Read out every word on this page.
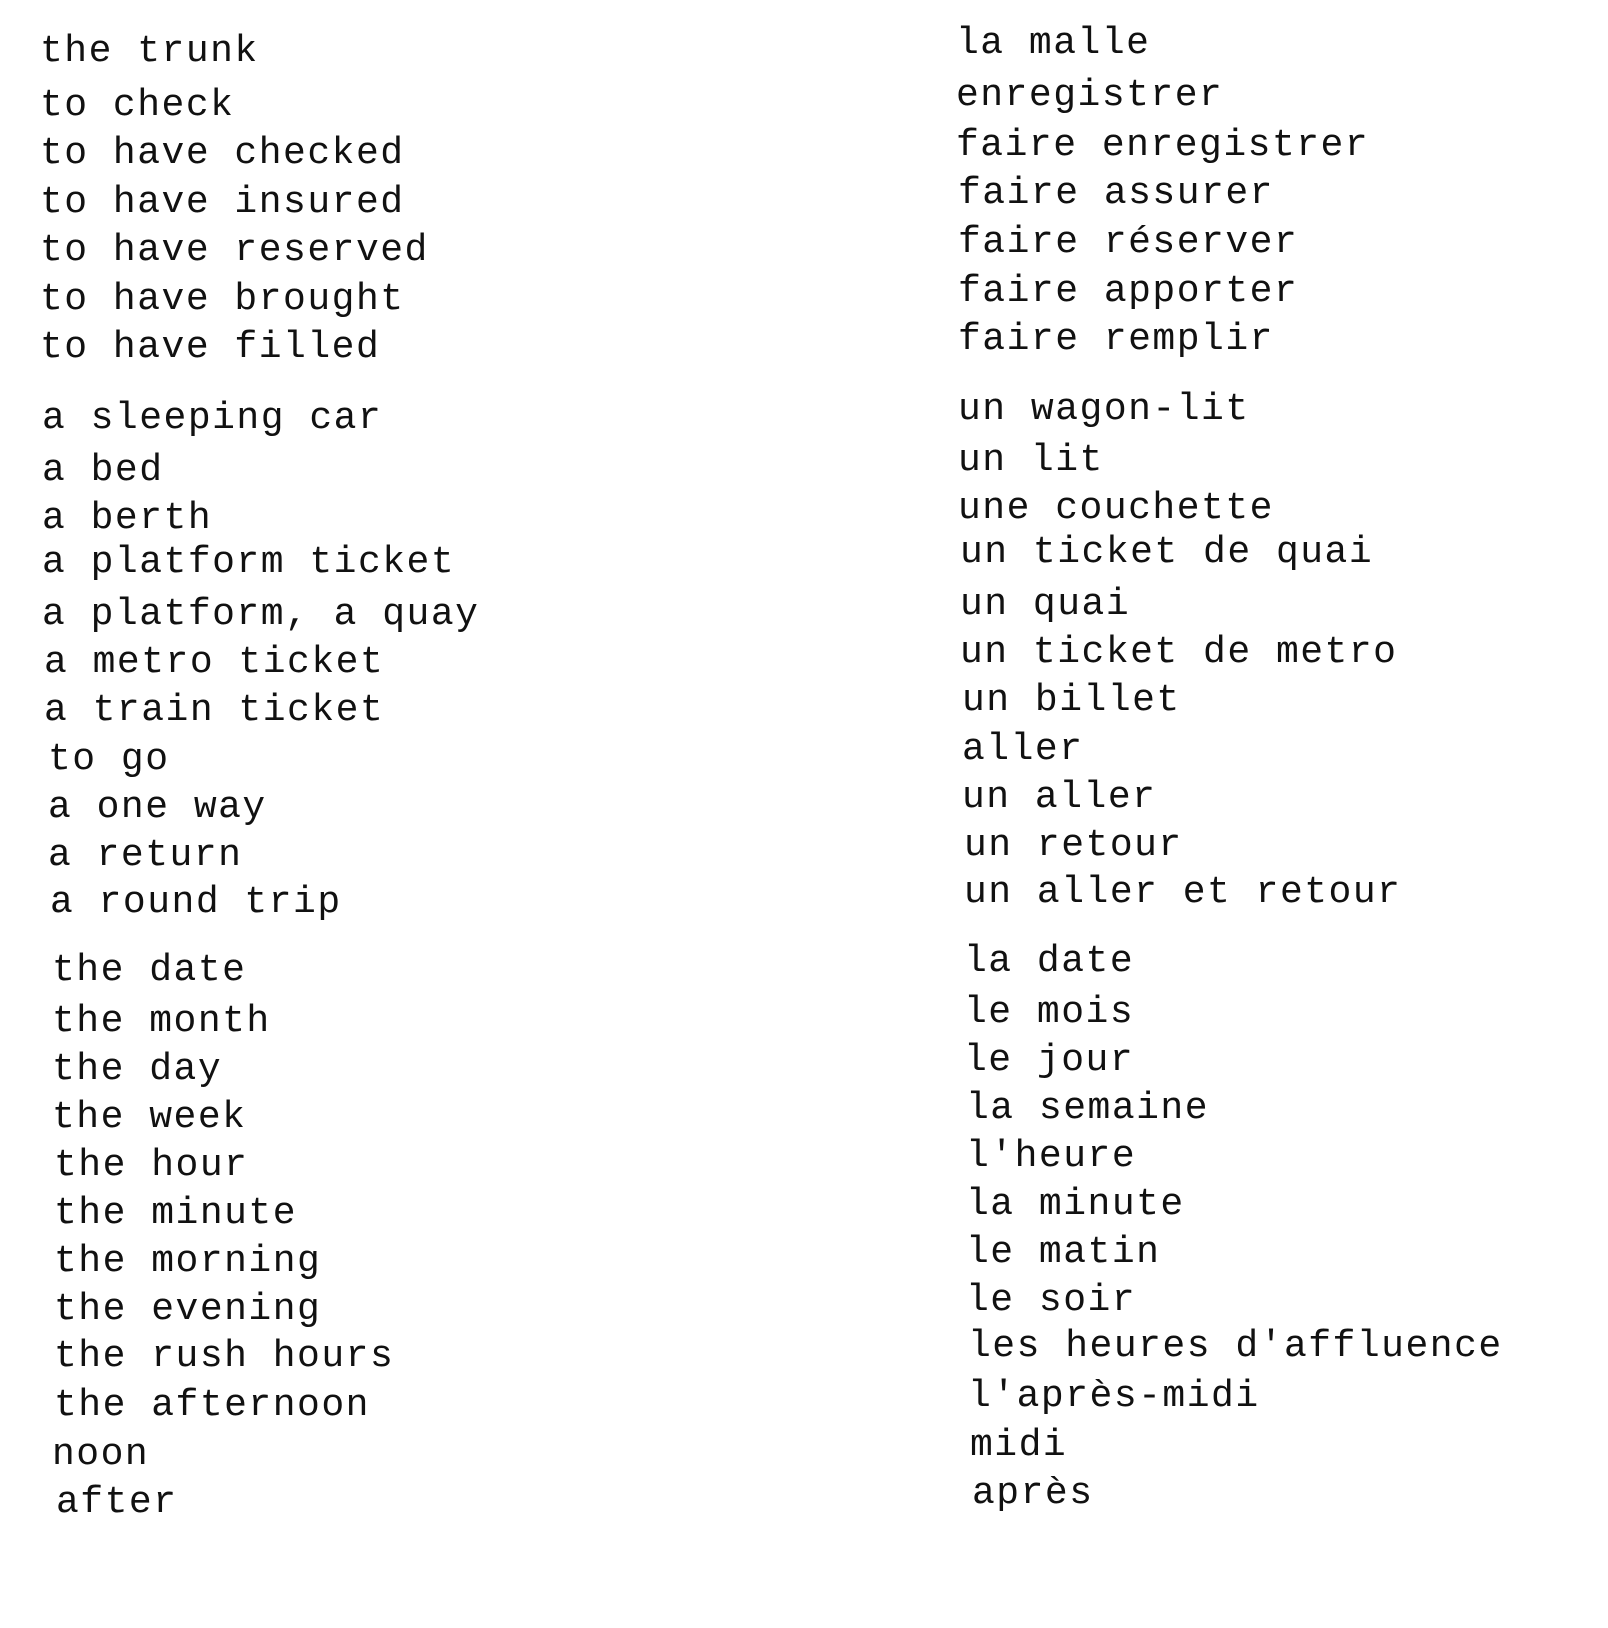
the trunk
to check
to have checked
to have insured
to have reserved
to have brought
to have filled
a sleeping car
a bed
a berth
a platform ticket
a platform, a quay
a metro ticket
a train ticket
to go
a one way
a return
a round trip
the date
the month
the day
the week
the hour
the minute
the morning
the evening
the rush hours
the afternoon
noon
after
la malle
enregistrer
faire enregistrer
faire assurer
faire réserver
faire apporter
faire remplir
un wagon-lit
un lit
une couchette
un ticket de quai
un quai
un ticket de metro
un billet
aller
un aller
un retour
un aller et retour
la date
le mois
le jour
la semaine
l'heure
la minute
le matin
le soir
les heures d'affluence
l'après-midi
midi
après
